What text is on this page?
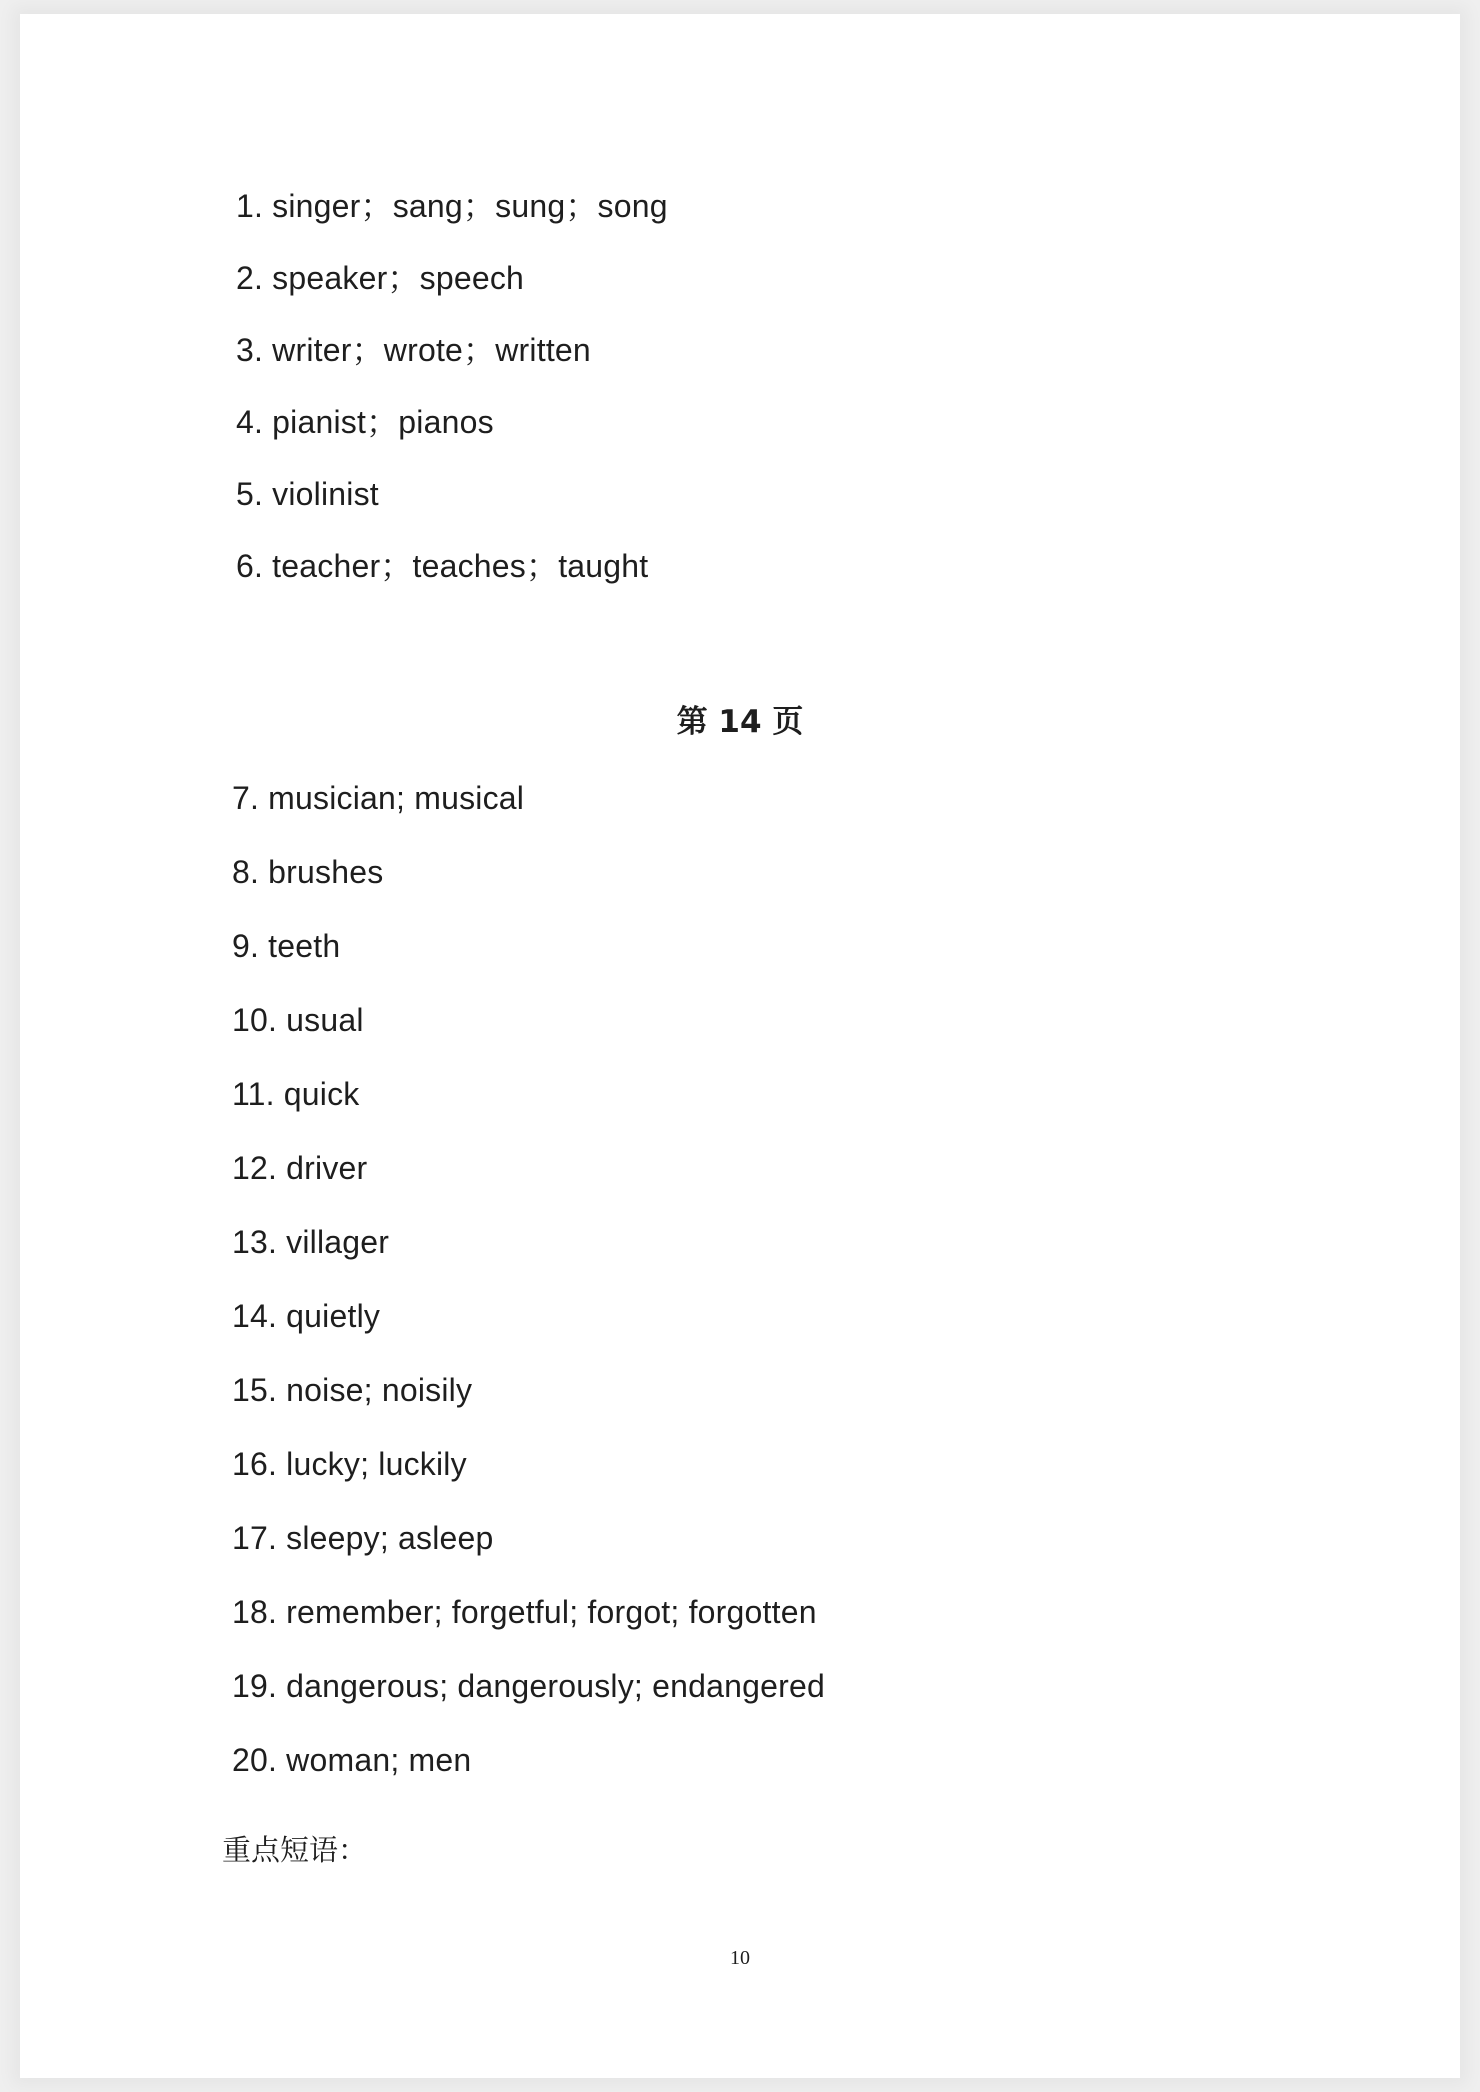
1. singer；sang；sung；song
2. speaker；speech
3. writer；wrote；written
4. pianist；pianos
5. violinist
6. teacher；teaches；taught
第 14 页
7. musician; musical
8. brushes
9. teeth
10. usual
11. quick
12. driver
13. villager
14. quietly
15. noise; noisily
16. lucky; luckily
17. sleepy; asleep
18. remember; forgetful; forgot; forgotten
19. dangerous; dangerously; endangered
20. woman; men
重点短语：
10
